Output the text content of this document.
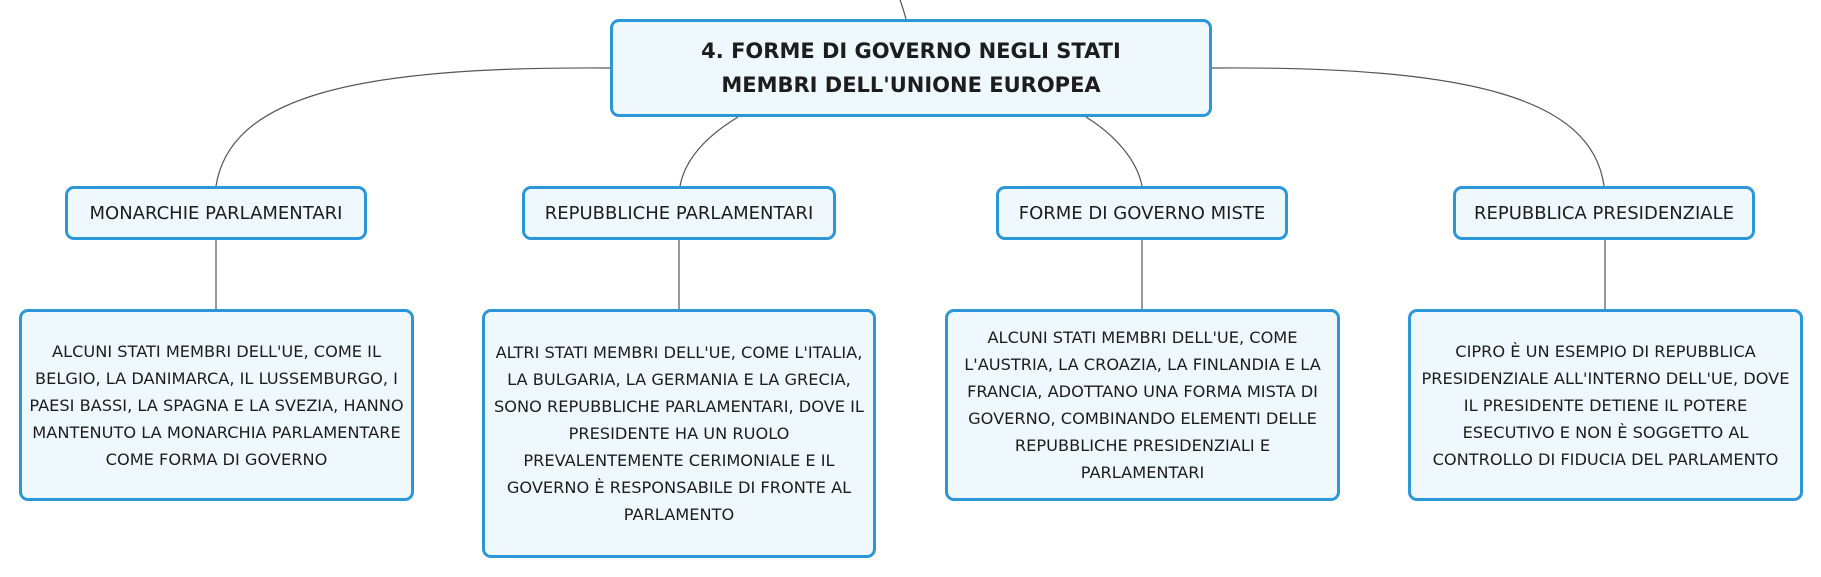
4. FORME DI GOVERNO NEGLI STATI MEMBRI DELL'UNIONE EUROPEA
MONARCHIE PARLAMENTARI	REPUBBLICHE PARLAMENTARI	FORME DI GOVERNO MISTE	REPUBBLICA PRESIDENZIALE
ALCUNI STATI MEMBRI DELL'UE, COME IL BELGIO, LA DANIMARCA, IL LUSSEMBURGO, I PAESI BASSI, LA SPAGNA E LA SVEZIA, HANNO MANTENUTO LA MONARCHIA PARLAMENTARE COME FORMA DI GOVERNO
ALTRI STATI MEMBRI DELL'UE, COME L'ITALIA, LA BULGARIA, LA GERMANIA E LA GRECIA, SONO REPUBBLICHE PARLAMENTARI, DOVE IL PRESIDENTE HA UN RUOLO PREVALENTEMENTE CERIMONIALE E IL GOVERNO È RESPONSABILE DI FRONTE AL PARLAMENTO
ALCUNI STATI MEMBRI DELL'UE, COME L'AUSTRIA, LA CROAZIA, LA FINLANDIA E LA FRANCIA, ADOTTANO UNA FORMA MISTA DI GOVERNO, COMBINANDO ELEMENTI DELLE REPUBBLICHE PRESIDENZIALI E PARLAMENTARI
CIPRO È UN ESEMPIO DI REPUBBLICA PRESIDENZIALE ALL'INTERNO DELL'UE, DOVE IL PRESIDENTE DETIENE IL POTERE ESECUTIVO E NON È SOGGETTO AL CONTROLLO DI FIDUCIA DEL PARLAMENTO
